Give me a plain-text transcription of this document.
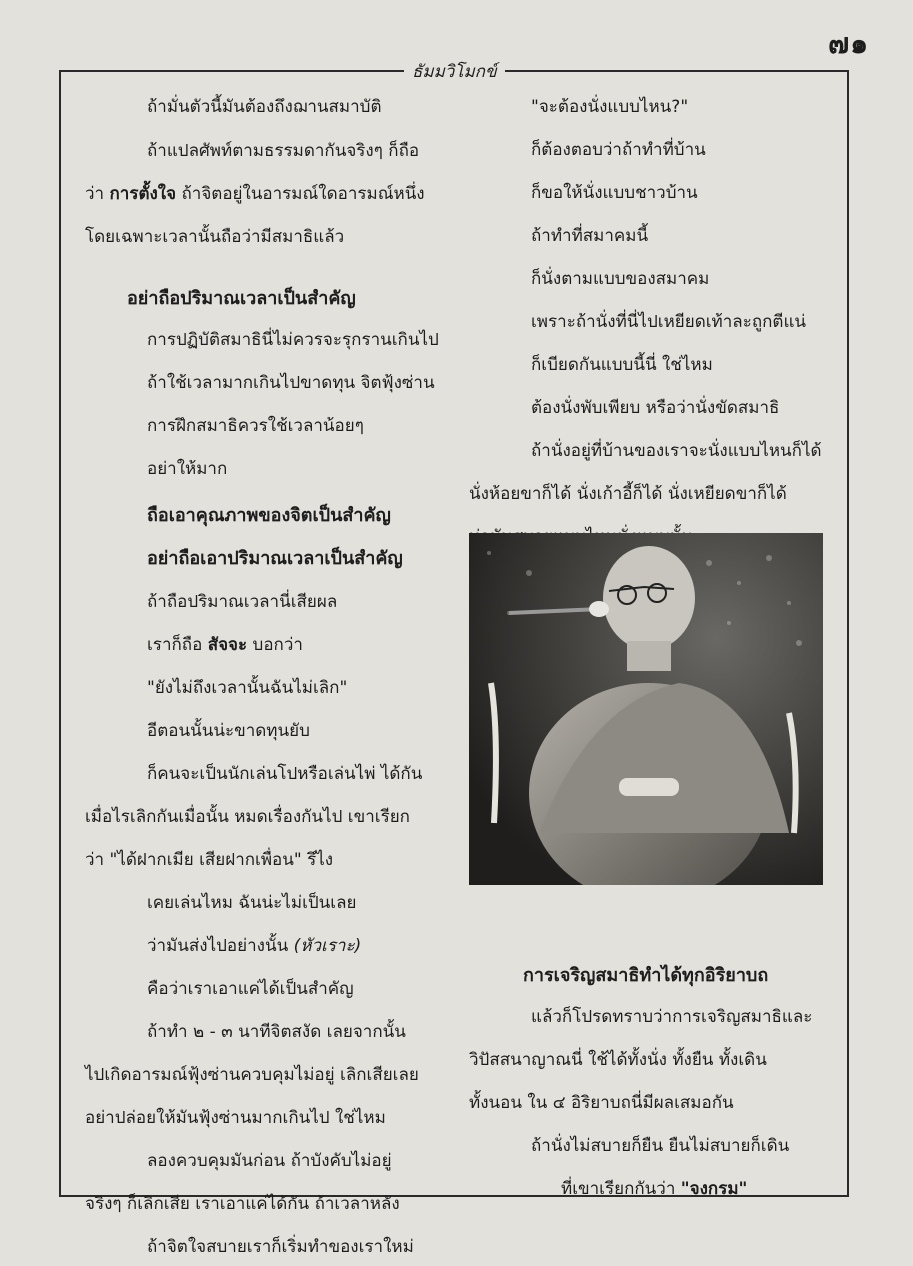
๗๑
ธัมมวิโมกข์
ถ้ามั่นตัวนี้มันต้องถึงฌานสมาบัติ
ถ้าแปลศัพท์ตามธรรมดากันจริงๆ ก็ถือ
ว่า การตั้งใจ ถ้าจิตอยู่ในอารมณ์ใดอารมณ์หนึ่ง
โดยเฉพาะเวลานั้นถือว่ามีสมาธิแล้ว
อย่าถือปริมาณเวลาเป็นสำคัญ
การปฏิบัติสมาธินี่ไม่ควรจะรุกรานเกินไป
ถ้าใช้เวลามากเกินไปขาดทุน จิตฟุ้งซ่าน
การฝึกสมาธิควรใช้เวลาน้อยๆ
อย่าให้มาก
ถือเอาคุณภาพของจิตเป็นสำคัญ
อย่าถือเอาปริมาณเวลาเป็นสำคัญ
ถ้าถือปริมาณเวลานี่เสียผล
เราก็ถือ สัจจะ บอกว่า
"ยังไม่ถึงเวลานั้นฉันไม่เลิก"
อีตอนนั้นน่ะขาดทุนยับ
ก็คนจะเป็นนักเล่นโปหรือเล่นไพ่ ได้กัน
เมื่อไรเลิกกันเมื่อนั้น หมดเรื่องกันไป เขาเรียก
ว่า "ได้ฝากเมีย เสียฝากเพื่อน" รึไง
เคยเล่นไหม ฉันน่ะไม่เป็นเลย
ว่ามันส่งไปอย่างนั้น (หัวเราะ)
คือว่าเราเอาแค่ได้เป็นสำคัญ
ถ้าทำ ๒ - ๓ นาทีจิตสงัด เลยจากนั้น
ไปเกิดอารมณ์ฟุ้งซ่านควบคุมไม่อยู่ เลิกเสียเลย
อย่าปล่อยให้มันฟุ้งซ่านมากเกินไป ใช่ไหม
ลองควบคุมมันก่อน ถ้าบังคับไม่อยู่
จริงๆ ก็เลิกเสีย เราเอาแค่ได้กัน ถ้าเวลาหลัง
ถ้าจิตใจสบายเราก็เริ่มทำของเราใหม่
"จะต้องนั่งแบบไหน?"
ก็ต้องตอบว่าถ้าทำที่บ้าน
ก็ขอให้นั่งแบบชาวบ้าน
ถ้าทำที่สมาคมนี้
ก็นั่งตามแบบของสมาคม
เพราะถ้านั่งที่นี่ไปเหยียดเท้าละถูกตีแน่
ก็เบียดกันแบบนี้นี่ ใช่ไหม
ต้องนั่งพับเพียบ หรือว่านั่งขัดสมาธิ
ถ้านั่งอยู่ที่บ้านของเราจะนั่งแบบไหนก็ได้
นั่งห้อยขาก็ได้ นั่งเก้าอี้ก็ได้ นั่งเหยียดขาก็ได้
การเจริญสมาธิทำได้ทุกอิริยาบถ
แล้วก็โปรดทราบว่าการเจริญสมาธิและ
วิปัสสนาญาณนี่ ใช้ได้ทั้งนั่ง ทั้งยืน ทั้งเดิน
ทั้งนอน ใน ๔ อิริยาบถนี่มีผลเสมอกัน
ถ้านั่งไม่สบายก็ยืน ยืนไม่สบายก็เดิน
ที่เขาเรียกกันว่า "จงกรม"
